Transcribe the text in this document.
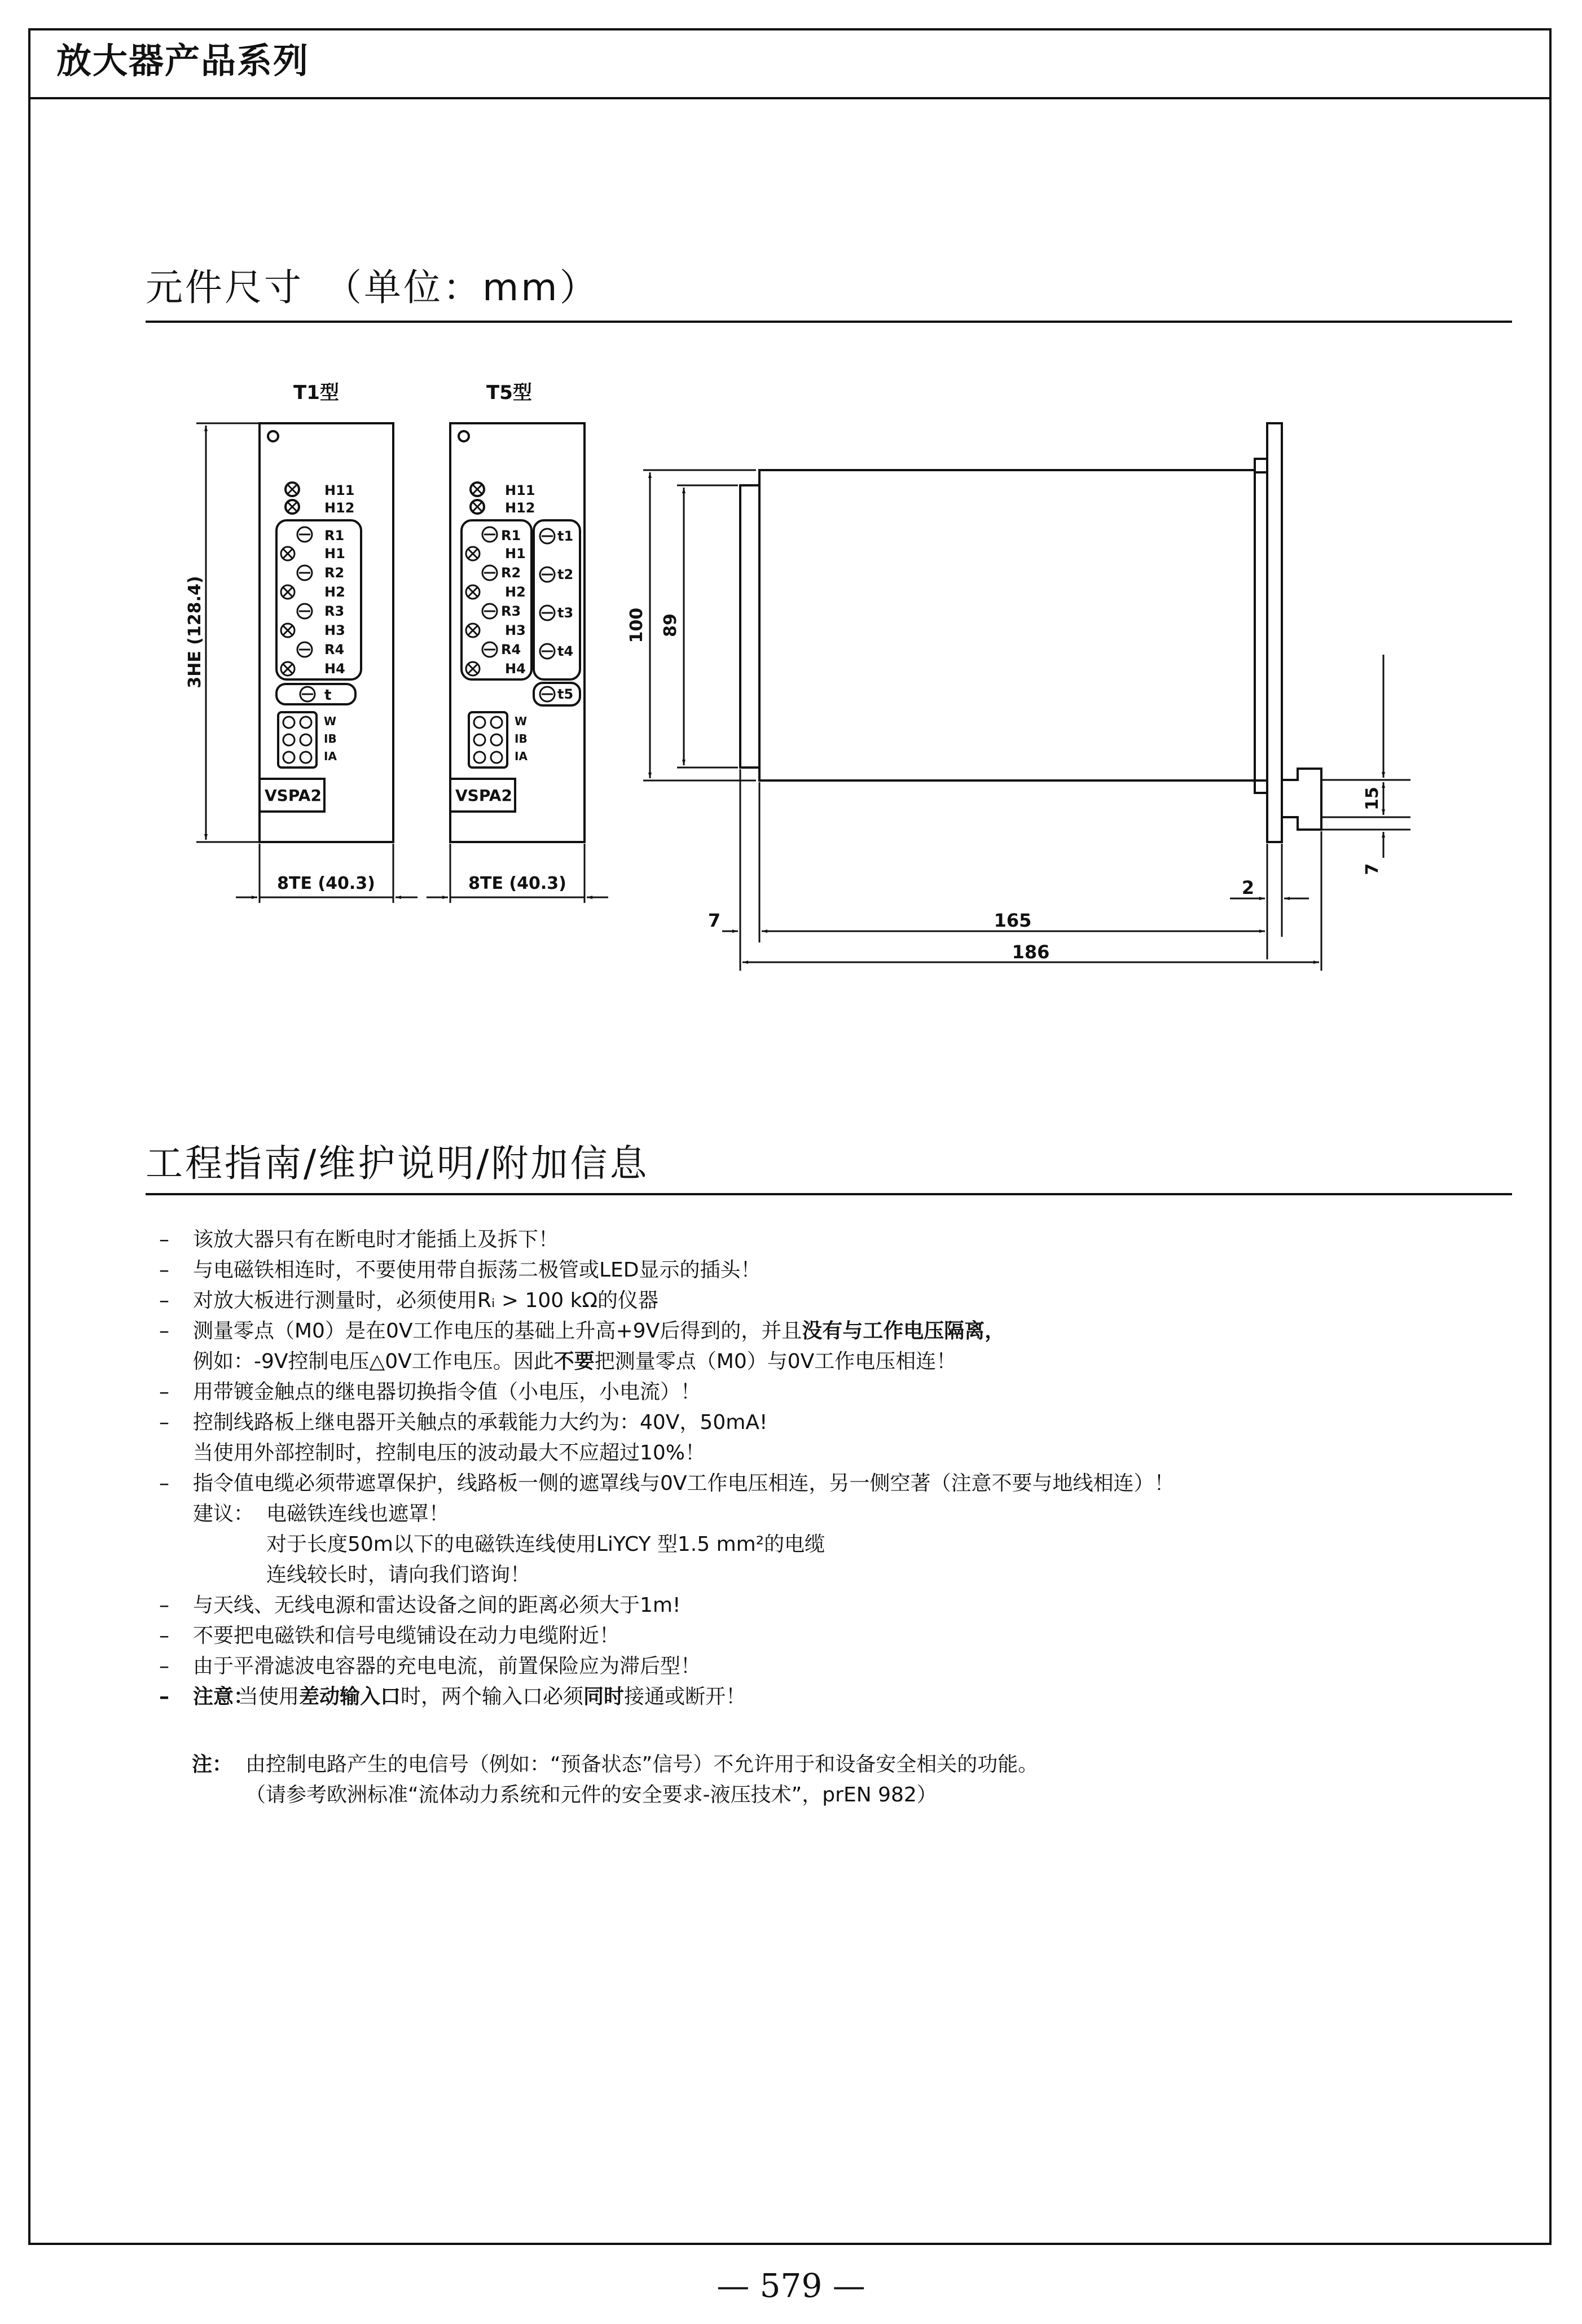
放大器产品系列
元件尺寸　（单位：mm）
T1型
H11
H12
R1
H1
R2
H2
R3
H3
R4
H4
t
W
IB
IA
VSPA2
8TE (40.3)
3HE (128.4)
T5型
H11
H12
R1
H1
R2
H2
R3
H3
R4
H4
t1
t2
t3
t4
t5
W
IB
IA
VSPA2
8TE (40.3)
100 89
15
7
2
7	165
186
工程指南/维护说明/附加信息
–	该放大器只有在断电时才能插上及拆下！
–	与电磁铁相连时，不要使用带自振荡二极管或LED显示的插头！
–	对放大板进行测量时，必须使用Rᵢ > 100 kΩ的仪器
–	测量零点（M0）是在0V工作电压的基础上升高+9V后得到的，并且 没有与工作电压隔离，
例如：-9V控制电压△0V工作电压。因此 不要 把测量零点（M0）与0V工作电压相连！
–	用带镀金触点的继电器切换指令值（小电压，小电流）！
–	控制线路板上继电器开关触点的承载能力大约为：40V，50mA!
当使用外部控制时，控制电压的波动最大不应超过10%！
–	指令值电缆必须带遮罩保护，线路板一侧的遮罩线与0V工作电压相连，另一侧空著（注意不要与地线相连）！
建议： 电磁铁连线也遮罩！
对于长度50m以下的电磁铁连线使用LiYCY 型1.5 mm²的电缆
连线较长时，请向我们谘询！
–	与天线、无线电源和雷达设备之间的距离必须大于1m!
–	不要把电磁铁和信号电缆铺设在动力电缆附近！
–	由于平滑滤波电容器的充电电流，前置保险应为滞后型！
–	注意：
当使用 差动输入口 时，两个输入口必须 同时 接通或断开！
注： 由控制电路产生的电信号（例如：“预备状态”信号）不允许用于和设备安全相关的功能。
（请参考欧洲标准“流体动力系统和元件的安全要求-液压技术”，prEN 982）
— 579 —
